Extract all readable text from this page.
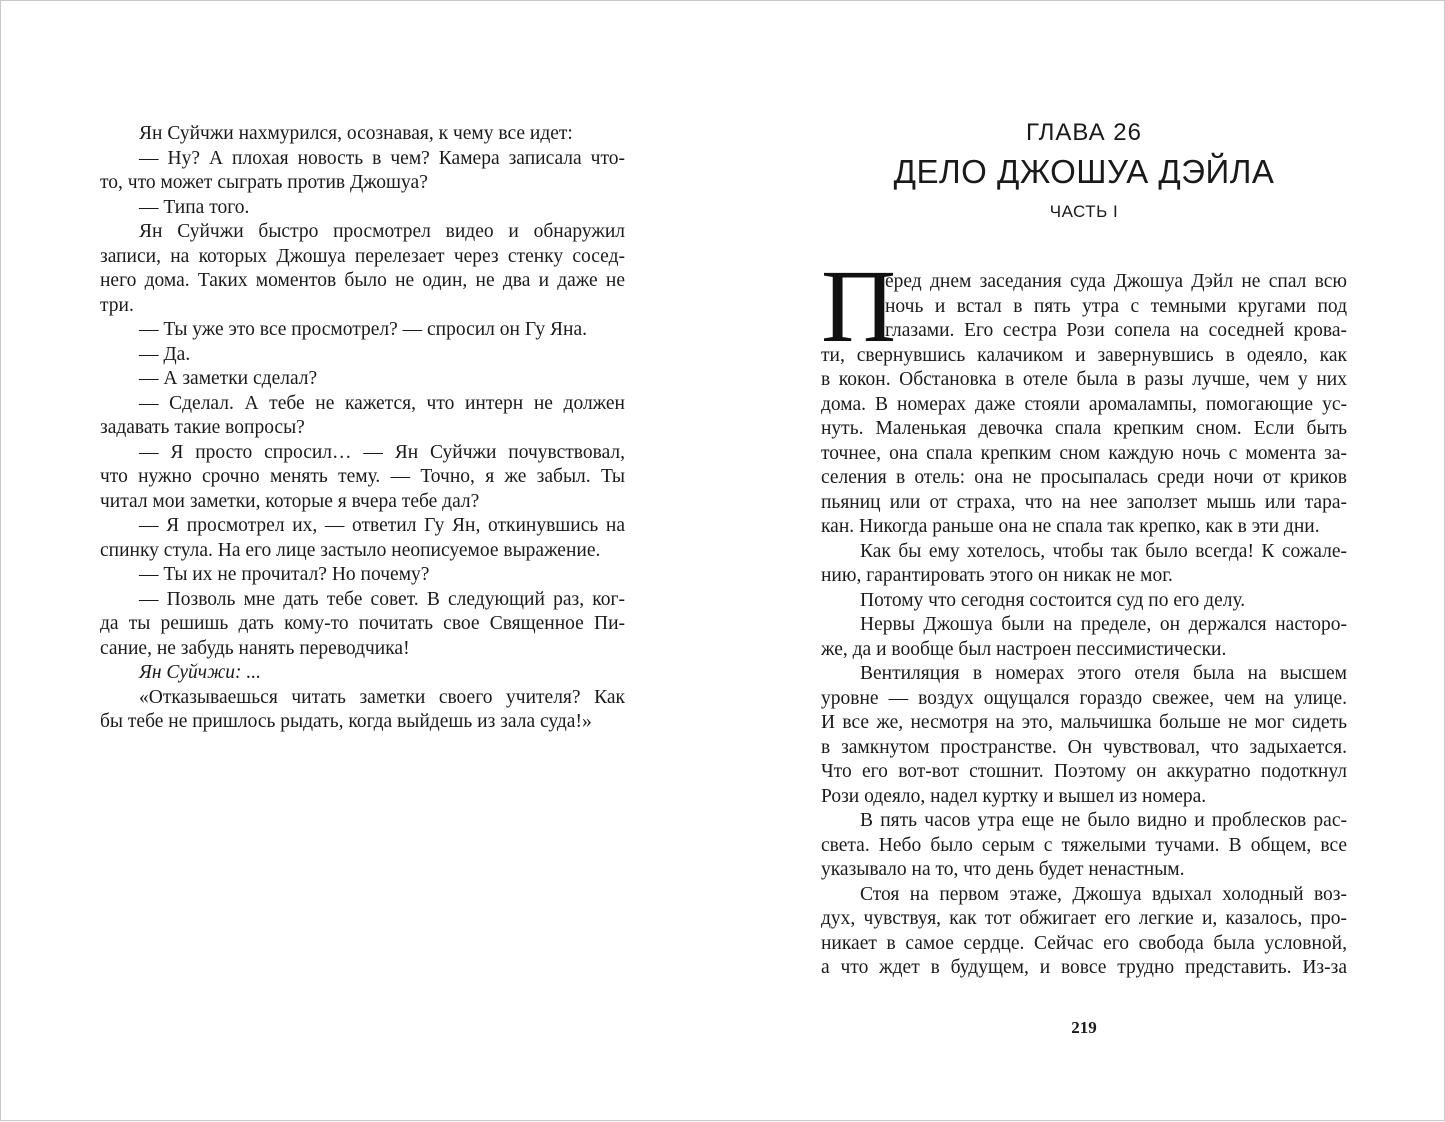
Ян Суйчжи нахмурился, осознавая, к чему все идет:
— Ну? А плохая новость в чем? Камера записала что-
то, что может сыграть против Джошуа?
— Типа того.
Ян Суйчжи быстро просмотрел видео и обнаружил
записи, на которых Джошуа перелезает через стенку сосед-
него дома. Таких моментов было не один, не два и даже не
три.
— Ты уже это все просмотрел? — спросил он Гу Яна.
— Да.
— А заметки сделал?
— Сделал. А тебе не кажется, что интерн не должен
задавать такие вопросы?
— Я просто спросил… — Ян Суйчжи почувствовал,
что нужно срочно менять тему. — Точно, я же забыл. Ты
читал мои заметки, которые я вчера тебе дал?
— Я просмотрел их, — ответил Гу Ян, откинувшись на
спинку стула. На его лице застыло неописуемое выражение.
— Ты их не прочитал? Но почему?
— Позволь мне дать тебе совет. В следующий раз, ког-
да ты решишь дать кому-то почитать свое Священное Пи-
сание, не забудь нанять переводчика!
Ян Суйчжи: ...
«Отказываешься читать заметки своего учителя? Как
бы тебе не пришлось рыдать, когда выйдешь из зала суда!»
ГЛАВА 26
ДЕЛО ДЖОШУА ДЭЙЛА
ЧАСТЬ I
П
еред днем заседания суда Джошуа Дэйл не спал всю
ночь и встал в пять утра с темными кругами под
глазами. Его сестра Рози сопела на соседней крова-
ти, свернувшись калачиком и завернувшись в одеяло, как
в кокон. Обстановка в отеле была в разы лучше, чем у них
дома. В номерах даже стояли аромалампы, помогающие ус-
нуть. Маленькая девочка спала крепким сном. Если быть
точнее, она спала крепким сном каждую ночь с момента за-
селения в отель: она не просыпалась среди ночи от криков
пьяниц или от страха, что на нее заползет мышь или тара-
кан. Никогда раньше она не спала так крепко, как в эти дни.
Как бы ему хотелось, чтобы так было всегда! К сожале-
нию, гарантировать этого он никак не мог.
Потому что сегодня состоится суд по его делу.
Нервы Джошуа были на пределе, он держался насторо-
же, да и вообще был настроен пессимистически.
Вентиляция в номерах этого отеля была на высшем
уровне — воздух ощущался гораздо свежее, чем на улице.
И все же, несмотря на это, мальчишка больше не мог сидеть
в замкнутом пространстве. Он чувствовал, что задыхается.
Что его вот-вот стошнит. Поэтому он аккуратно подоткнул
Рози одеяло, надел куртку и вышел из номера.
В пять часов утра еще не было видно и проблесков рас-
света. Небо было серым с тяжелыми тучами. В общем, все
указывало на то, что день будет ненастным.
Стоя на первом этаже, Джошуа вдыхал холодный воз-
дух, чувствуя, как тот обжигает его легкие и, казалось, про-
никает в самое сердце. Сейчас его свобода была условной,
а что ждет в будущем, и вовсе трудно представить. Из-за
219
